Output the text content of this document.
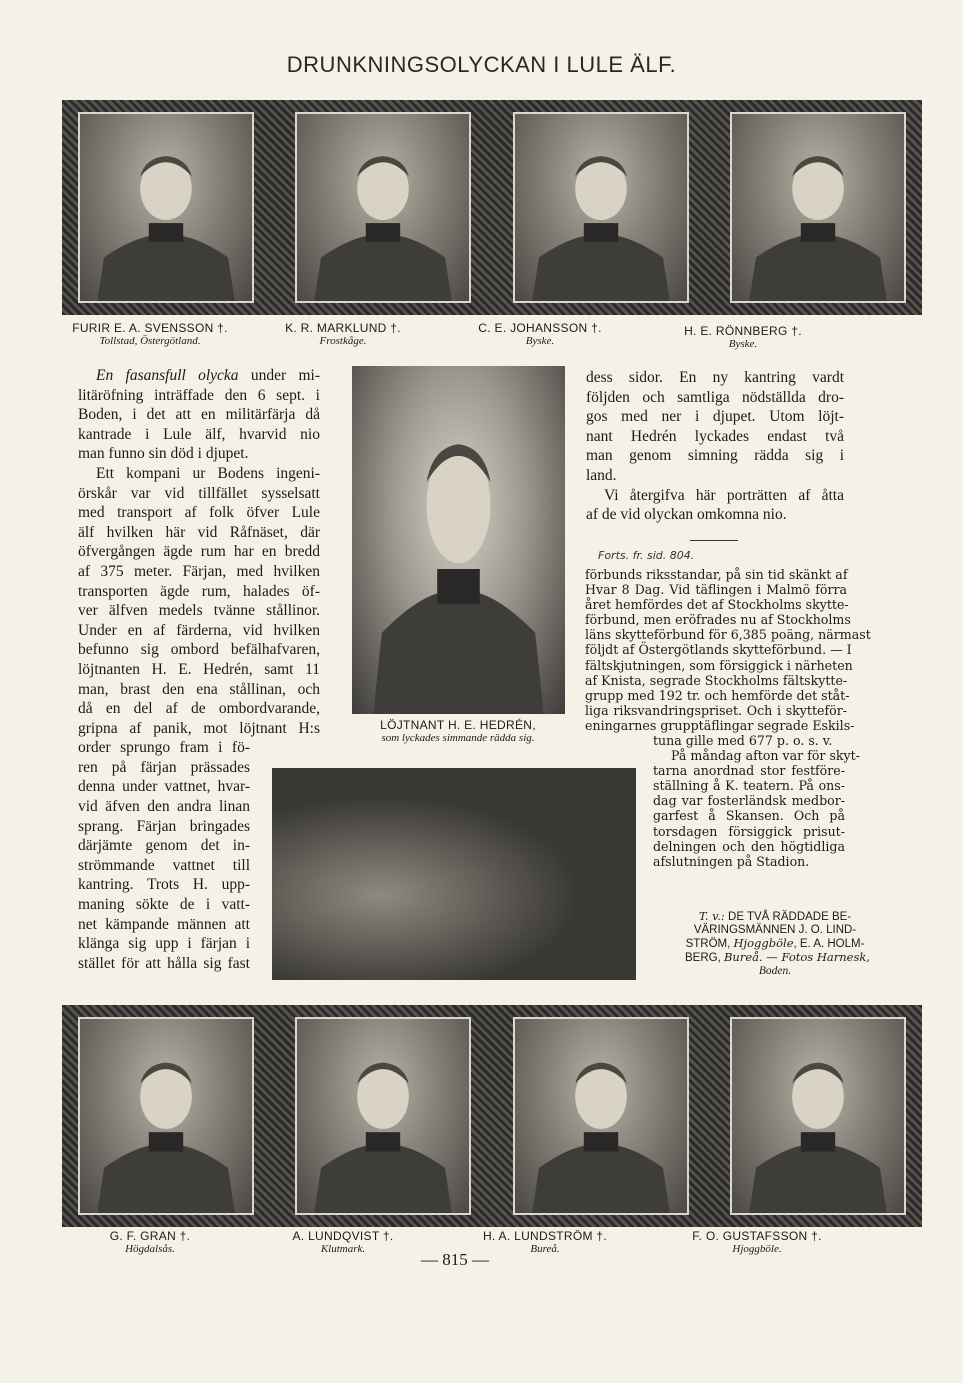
DRUNKNINGSOLYCKAN I LULE ÄLF.
FURIR E. A. SVENSSON †.
Tollstad, Östergötland.
K. R. MARKLUND †.
Frostkåge.
C. E. JOHANSSON †.
Byske.
H. E. RÖNNBERG †.
Byske.
En fasansfull olycka under mi-
litäröfning inträffade den 6 sept. i
Boden, i det att en militärfärja då
kantrade i Lule älf, hvarvid nio
man funno sin död i djupet.
Ett kompani ur Bodens ingeni-
örskår var vid tillfället sysselsatt
med transport af folk öfver Lule
älf hvilken här vid Råfnäset, där
öfvergången ägde rum har en bredd
af 375 meter. Färjan, med hvilken
transporten ägde rum, halades öf-
ver älfven medels tvänne stållinor.
Under en af färderna, vid hvilken
befunno sig ombord befälhafvaren,
löjtnanten H. E. Hedrén, samt 11
man, brast den ena stållinan, och
då en del af de ombordvarande,
gripna af panik, mot löjtnant H:s
order sprungo fram i fö-
ren på färjan prässades
denna under vattnet, hvar-
vid äfven den andra linan
sprang. Färjan bringades
därjämte genom det in-
strömmande vattnet till
kantring. Trots H. upp-
maning sökte de i vatt-
net kämpande männen att
klänga sig upp i färjan i
stället för att hålla sig fast
LÖJTNANT H. E. HEDRÉN,
som lyckades simmande rädda sig.
dess sidor. En ny kantring vardt
följden och samtliga nödställda dro-
gos med ner i djupet. Utom löjt-
nant Hedrén lyckades endast två
man genom simning rädda sig i
land.
Vi återgifva här porträtten af åtta
af de vid olyckan omkomna nio.
Forts. fr. sid. 804.
förbunds riksstandar, på sin tid skänkt af
Hvar 8 Dag. Vid täflingen i Malmö förra
året hemfördes det af Stockholms skytte-
förbund, men eröfrades nu af Stockholms
läns skytteförbund för 6,385 poäng, närmast
följdt af Östergötlands skytteförbund. — I
fältskjutningen, som försiggick i närheten
af Knista, segrade Stockholms fältskytte-
grupp med 192 tr. och hemförde det ståt-
liga riksvandringspriset. Och i skytteför-
eningarnes grupptäflingar segrade Eskils-
tuna gille med 677 p. o. s. v.
På måndag afton var för skyt-
tarna anordnad stor festföre-
ställning å K. teatern. På ons-
dag var fosterländsk medbor-
garfest å Skansen. Och på
torsdagen försiggick prisut-
delningen och den högtidliga
afslutningen på Stadion.
T. v.: DE TVÅ RÄDDADE BE-
VÄRINGSMÄNNEN J. O. LIND-
STRÖM, Hjoggböle, E. A. HOLM-
BERG, Bureå. — Fotos Harnesk,
Boden.
G. F. GRAN †.
Högdalsås.
A. LUNDQVIST †.
Klutmark.
H. A. LUNDSTRÖM †.
Bureå.
F. O. GUSTAFSSON †.
Hjoggböle.
— 815 —
